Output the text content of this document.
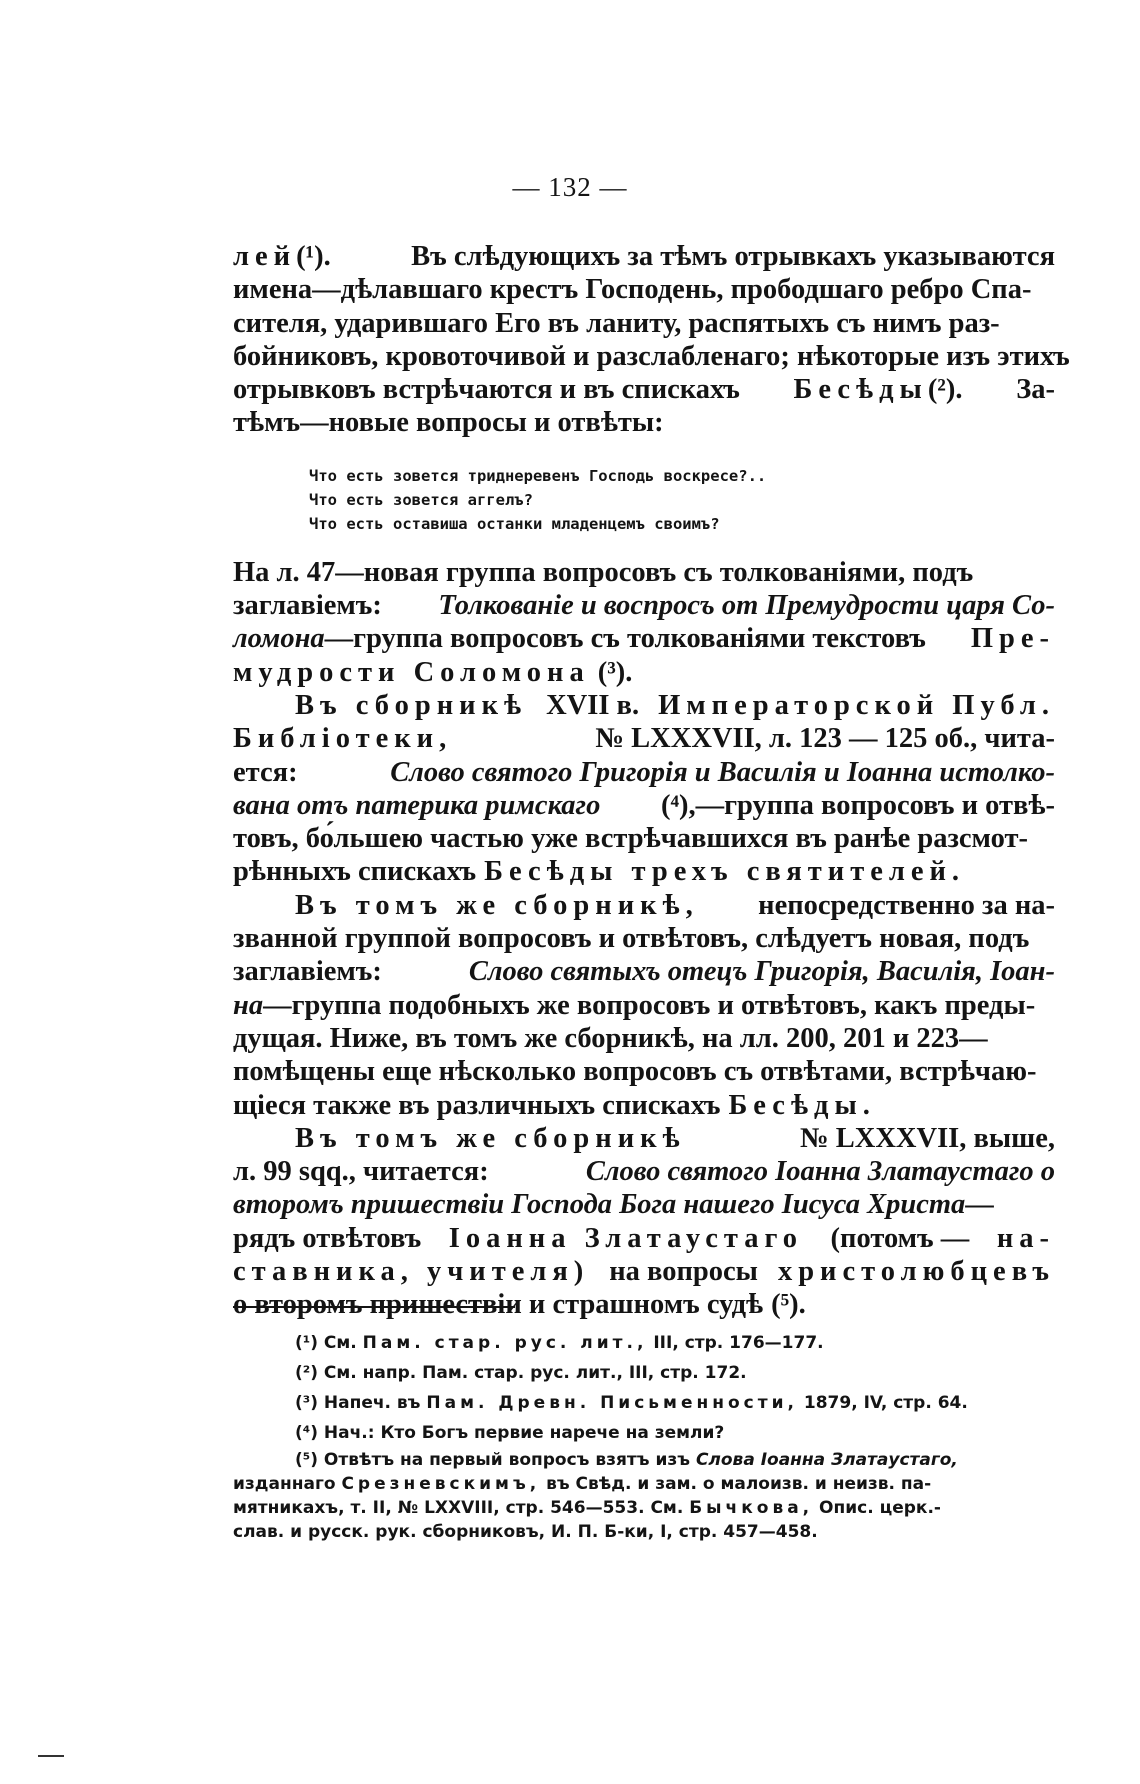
— 132 —
лей(¹).	Въ слѣдующихъ за тѣмъ отрывкахъ указываются
имена—дѣлавшаго крестъ Господень, прободшаго ребро Спа-
сителя, ударившаго Его въ ланиту, распятыхъ съ нимъ раз-
бойниковъ, кровоточивой и разслабленаго; нѣкоторые изъ этихъ
отрывковъ встрѣчаются и въ спискахъ Бесѣды(²). За-
тѣмъ—новые вопросы и отвѣты:
Что есть зовется триднеревенъ Господь воскресе?..
Что есть зовется аггелъ?
Что есть оставиша останки младенцемъ своимъ?
На л. 47—новая группа вопросовъ съ толкованіями, подъ
заглавіемъ: Толкованіе и воспросъ от Премудрости царя Со-
ломона—группа вопросовъ съ толкованіями текстовъ Пре-
мудрости Соломона (³).
Въ сборникѣ XVII в. Императорской Публ.
Библіотеки,	№ LXXXVII, л. 123 — 125 об., чита-
ется:	Слово святого Григорія и Василія и Іоанна истолко-
вана отъ патерика римскаго (⁴),—группа вопросовъ и отвѣ-
товъ, бо́льшею частью уже встрѣчавшихся въ ранѣе разсмот-
рѣнныхъ спискахъ Бесѣды трехъ святителей.
Въ томъ же сборникѣ, непосредственно за на-
званной группой вопросовъ и отвѣтовъ, слѣдуетъ новая, подъ
заглавіемъ:	Слово святыхъ отецъ Григорія, Василія, Іоан-
на—группа подобныхъ же вопросовъ и отвѣтовъ, какъ преды-
дущая. Ниже, въ томъ же сборникѣ, на лл. 200, 201 и 223—
помѣщены еще нѣсколько вопросовъ съ отвѣтами, встрѣчаю-
щіеся также въ различныхъ спискахъ Бесѣды.
Въ томъ же сборникѣ	№ LXXXVII, выше,
л. 99 sqq., читается:	Слово святого Іоанна Златаустаго о
второмъ пришествіи Господа Бога нашего Іисуса Христа—
рядъ отвѣтовъ Іоанна Златаустаго (потомъ — на-
ставника, учителя) на вопросы христолюбцевъ
о второмъ пришествіи и страшномъ судѣ (⁵).
(¹) См. Пам. стар. рус. лит., III, стр. 176—177.
(²) См. напр. Пам. стар. рус. лит., III, стр. 172.
(³) Напеч. въ Пам. Древн. Письменности, 1879, IV, стр. 64.
(⁴) Нач.: Кто Богъ первие нарече на земли?
(⁵) Отвѣтъ на первый вопросъ взятъ изъ Слова Іоанна Златаустаго,
изданнаго Срезневскимъ, въ Свѣд. и зам. о малоизв. и неизв. па-
мятникахъ, т. II, № LXXVIII, стр. 546—553. См. Бычкова, Опис. церк.-
слав. и русск. рук. сборниковъ, И. П. Б-ки, I, стр. 457—458.
